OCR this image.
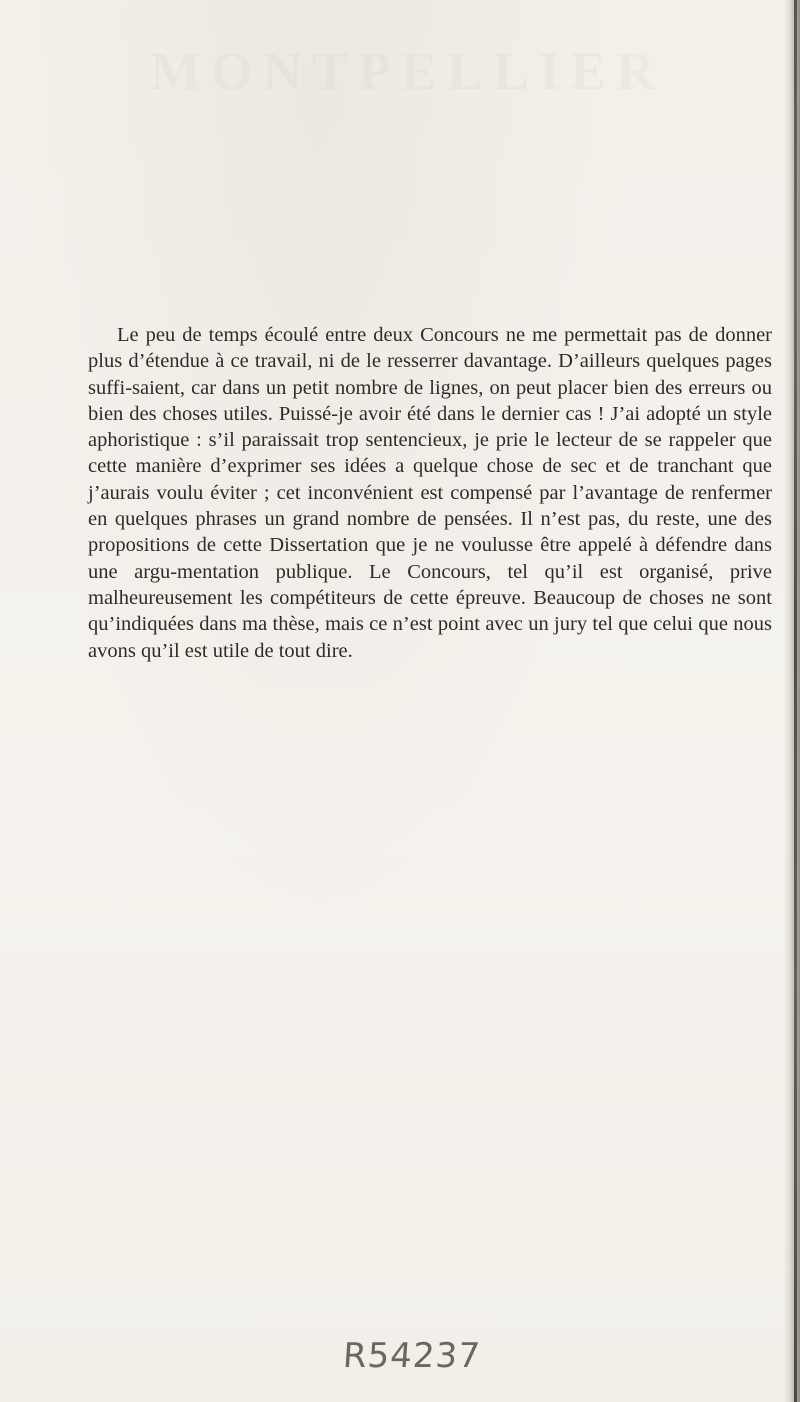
MONTPELLIER
Le peu de temps écoulé entre deux Concours ne me permettait pas de donner plus d’étendue à ce travail, ni de le resserrer davantage. D’ailleurs quelques pages suffi-saient, car dans un petit nombre de lignes, on peut placer bien des erreurs ou bien des choses utiles. Puissé-je avoir été dans le dernier cas ! J’ai adopté un style aphoristique : s’il paraissait trop sentencieux, je prie le lecteur de se rappeler que cette manière d’exprimer ses idées a quelque chose de sec et de tranchant que j’aurais voulu éviter ; cet inconvénient est compensé par l’avantage de renfermer en quelques phrases un grand nombre de pensées. Il n’est pas, du reste, une des propositions de cette Dissertation que je ne voulusse être appelé à défendre dans une argu-mentation publique. Le Concours, tel qu’il est organisé, prive malheureusement les compétiteurs de cette épreuve. Beaucoup de choses ne sont qu’indiquées dans ma thèse, mais ce n’est point avec un jury tel que celui que nous avons qu’il est utile de tout dire.
R54237
